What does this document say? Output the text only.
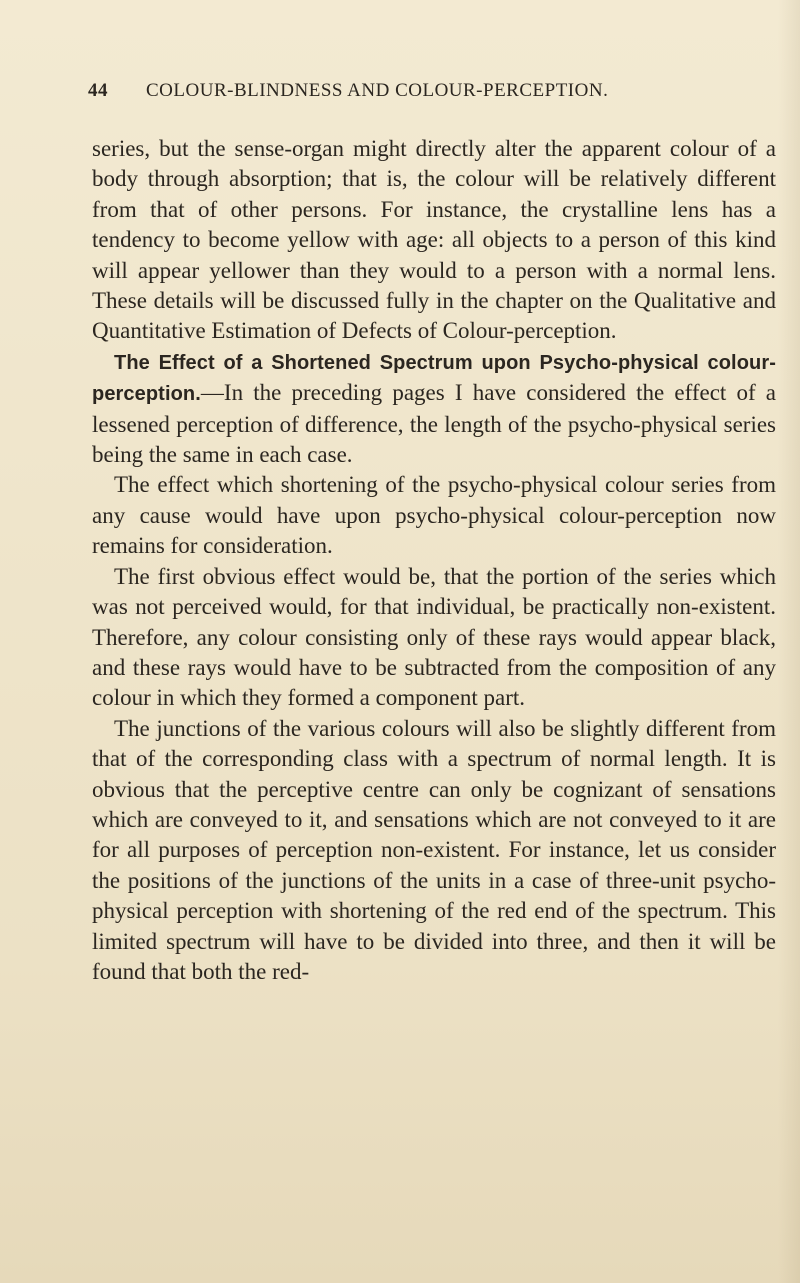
44 COLOUR-BLINDNESS AND COLOUR-PERCEPTION.

series, but the sense-organ might directly alter the apparent colour of a body through absorption; that is, the colour will be relatively different from that of other persons. For instance, the crystalline lens has a tendency to become yellow with age: all objects to a person of this kind will appear yellower than they would to a person with a normal lens. These details will be discussed fully in the chapter on the Qualitative and Quantitative Estimation of Defects of Colour-perception.

The Effect of a Shortened Spectrum upon Psycho-physical colour-perception.—In the preceding pages I have considered the effect of a lessened perception of difference, the length of the psycho-physical series being the same in each case.

The effect which shortening of the psycho-physical colour series from any cause would have upon psycho-physical colour-perception now remains for consideration.

The first obvious effect would be, that the portion of the series which was not perceived would, for that individual, be practically non-existent. Therefore, any colour consisting only of these rays would appear black, and these rays would have to be subtracted from the composition of any colour in which they formed a component part.

The junctions of the various colours will also be slightly different from that of the corresponding class with a spectrum of normal length. It is obvious that the perceptive centre can only be cognizant of sensations which are conveyed to it, and sensations which are not conveyed to it are for all purposes of perception non-existent. For instance, let us consider the positions of the junctions of the units in a case of three-unit psycho-physical perception with shortening of the red end of the spectrum. This limited spectrum will have to be divided into three, and then it will be found that both the red-
